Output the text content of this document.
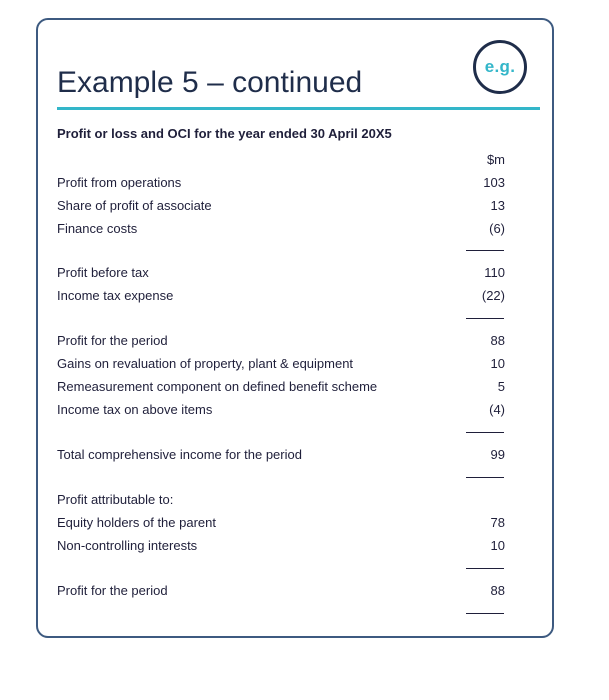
e.g.
Example 5 – continued
Profit or loss and OCI for the year ended 30 April 20X5
$m
Profit from operations	103
Share of profit of associate	13
Finance costs	(6)
Profit before tax	110
Income tax expense	(22)
Profit for the period	88
Gains on revaluation of property, plant & equipment	10
Remeasurement component on defined benefit scheme	5
Income tax on above items	(4)
Total comprehensive income for the period	99
Profit attributable to:
Equity holders of the parent	78
Non-controlling interests	10
Profit for the period	88
